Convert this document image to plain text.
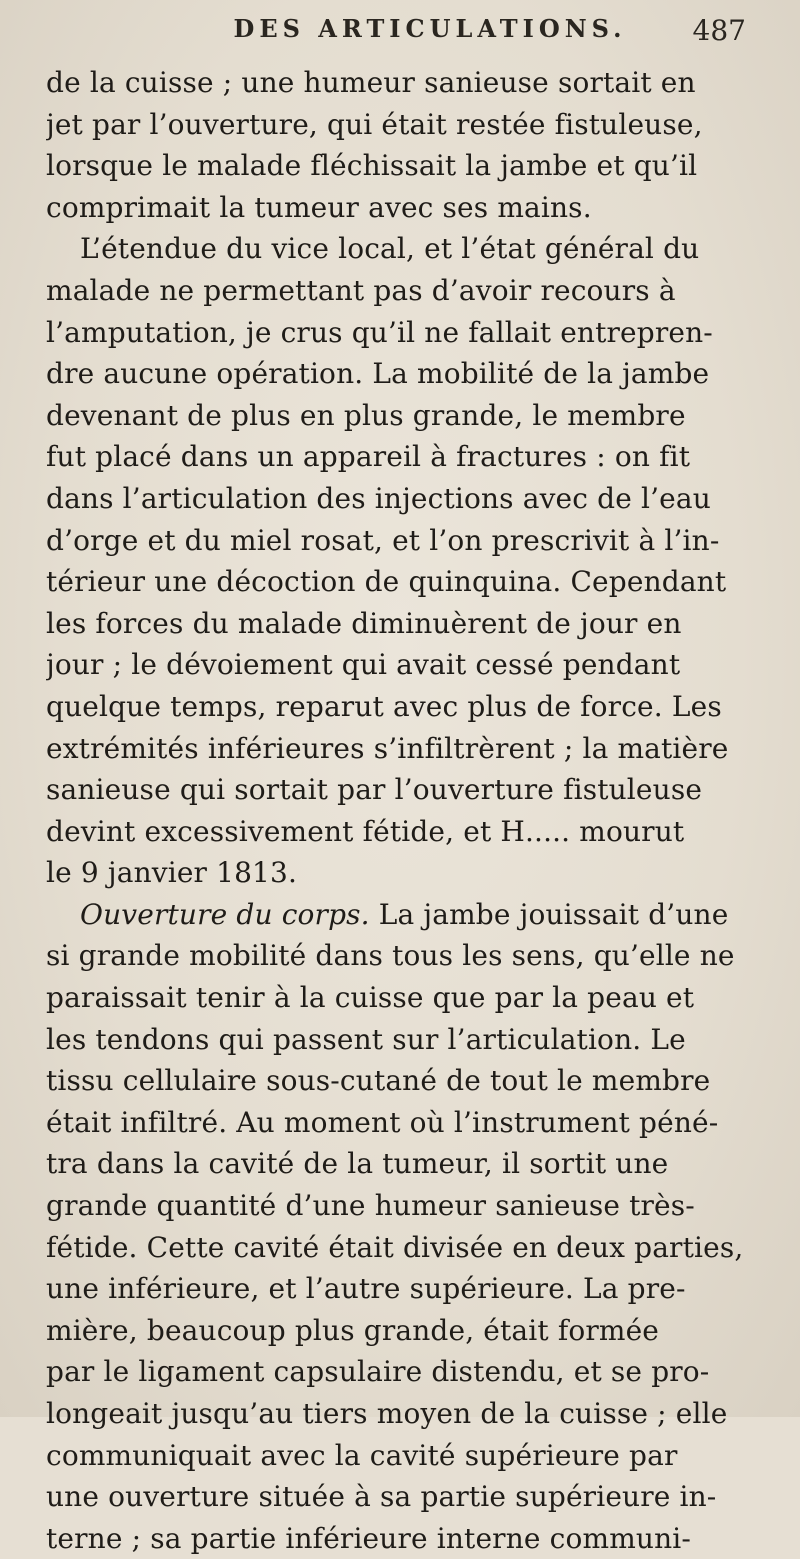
DES ARTICULATIONS. 487
de la cuisse ; une humeur sanieuse sortait en
jet par l’ouverture, qui était restée fistuleuse,
lorsque le malade fléchissait la jambe et qu’il
comprimait la tumeur avec ses mains.
L’étendue du vice local, et l’état général du
malade ne permettant pas d’avoir recours à
l’amputation, je crus qu’il ne fallait entrepren-
dre aucune opération. La mobilité de la jambe
devenant de plus en plus grande, le membre
fut placé dans un appareil à fractures : on fit
dans l’articulation des injections avec de l’eau
d’orge et du miel rosat, et l’on prescrivit à l’in-
térieur une décoction de quinquina. Cependant
les forces du malade diminuèrent de jour en
jour ; le dévoiement qui avait cessé pendant
quelque temps, reparut avec plus de force. Les
extrémités inférieures s’infiltrèrent ; la matière
sanieuse qui sortait par l’ouverture fistuleuse
devint excessivement fétide, et H..... mourut
le 9 janvier 1813.
Ouverture du corps. La jambe jouissait d’une
si grande mobilité dans tous les sens, qu’elle ne
paraissait tenir à la cuisse que par la peau et
les tendons qui passent sur l’articulation. Le
tissu cellulaire sous-cutané de tout le membre
était infiltré. Au moment où l’instrument péné-
tra dans la cavité de la tumeur, il sortit une
grande quantité d’une humeur sanieuse très-
fétide. Cette cavité était divisée en deux parties,
une inférieure, et l’autre supérieure. La pre-
mière, beaucoup plus grande, était formée
par le ligament capsulaire distendu, et se pro-
longeait jusqu’au tiers moyen de la cuisse ; elle
communiquait avec la cavité supérieure par
une ouverture située à sa partie supérieure in-
terne ; sa partie inférieure interne communi-
